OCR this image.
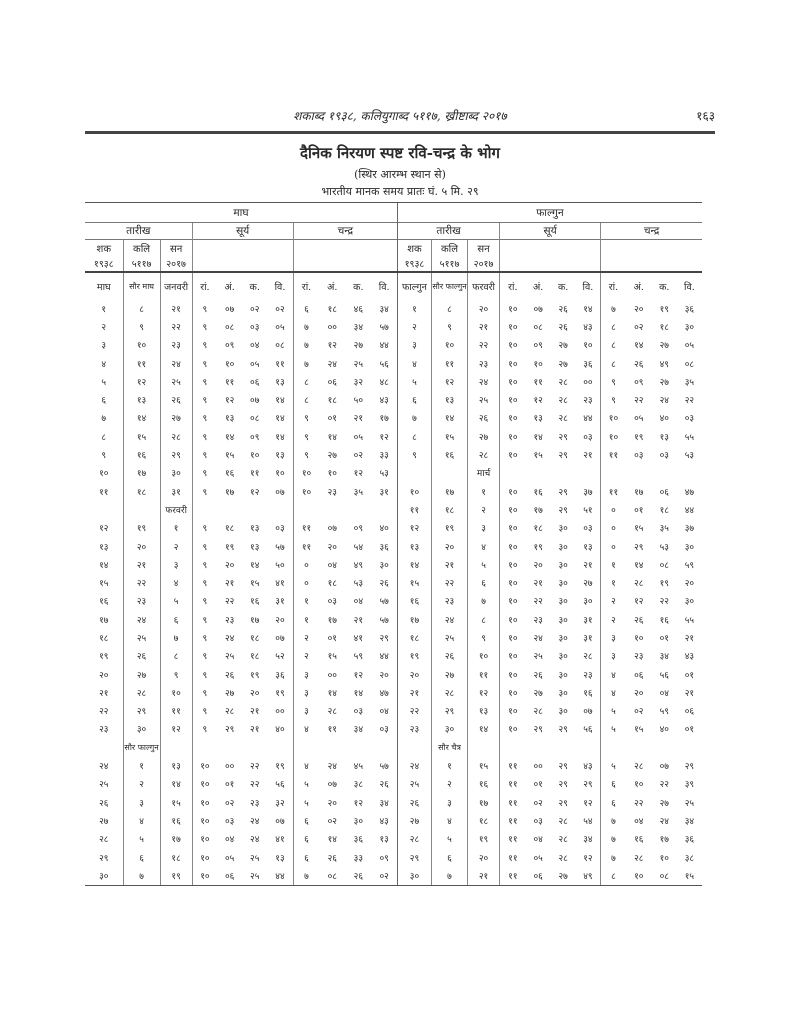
शकाब्द १९३८, कलियुगाब्द ५११७, ख्रीष्टाब्द २०१७	१६३
दैनिक निरयण स्पष्ट रवि-चन्द्र के भोग
(स्थिर आरम्भ स्थान से)
भारतीय मानक समय प्रातः घं. ५ मि. २९
माघ											फाल्गुन										
तारीख			सूर्य				चन्द्र				तारीख			सूर्य				चन्द्र			
शक	कलि	सन									शक	कलि	सन								
१९३८	५११७	२०१७									१९३८	५११७	२०१७								
माघ	सौर माघ	जनवरी	रां.	अं.	क.	वि.	रां.	अं.	क.	वि.	फाल्गुन	सौर फाल्गुन	फरवरी	रां.	अं.	क.	वि.	रां.	अं.	क.	वि.
१	८	२१	९	०७	०२	०२	६	१८	४६	३४	१	८	२०	१०	०७	२६	१४	७	२०	१९	३६
२	९	२२	९	०८	०३	०५	७	००	३४	५७	२	९	२१	१०	०८	२६	४३	८	०२	१८	३०
३	१०	२३	९	०९	०४	०८	७	१२	२७	४४	३	१०	२२	१०	०९	२७	१०	८	१४	२७	०५
४	११	२४	९	१०	०५	११	७	२४	२५	५६	४	११	२३	१०	१०	२७	३६	८	२६	४९	०८
५	१२	२५	९	११	०६	१३	८	०६	३२	४८	५	१२	२४	१०	११	२८	००	९	०९	२७	३५
६	१३	२६	९	१२	०७	१४	८	१८	५०	४३	६	१३	२५	१०	१२	२८	२३	९	२२	२४	२२
७	१४	२७	९	१३	०८	१४	९	०१	२१	१७	७	१४	२६	१०	१३	२८	४४	१०	०५	४०	०३
८	१५	२८	९	१४	०९	१४	९	१४	०५	१२	८	१५	२७	१०	१४	२९	०३	१०	१९	१३	५५
९	१६	२९	९	१५	१०	१३	९	२७	०२	३३	९	१६	२८	१०	१५	२९	२१	११	०३	०३	५३
१०	१७	३०	९	१६	११	१०	१०	१०	१२	५३			मार्च								
११	१८	३१	९	१७	१२	०७	१०	२३	३५	३१	१०	१७	१	१०	१६	२९	३७	११	१७	०६	४७
		फरवरी									११	१८	२	१०	१७	२९	५१	०	०१	१८	४४
१२	१९	१	९	१८	१३	०३	११	०७	०९	४०	१२	१९	३	१०	१८	३०	०३	०	१५	३५	३७
१३	२०	२	९	१९	१३	५७	११	२०	५४	३६	१३	२०	४	१०	१९	३०	१३	०	२९	५३	३०
१४	२१	३	९	२०	१४	५०	०	०४	४९	३०	१४	२१	५	१०	२०	३०	२१	१	१४	०८	५९
१५	२२	४	९	२१	१५	४१	०	१८	५३	२६	१५	२२	६	१०	२१	३०	२७	१	२८	१९	२०
१६	२३	५	९	२२	१६	३१	१	०३	०४	५७	१६	२३	७	१०	२२	३०	३०	२	१२	२२	३०
१७	२४	६	९	२३	१७	२०	१	१७	२१	५७	१७	२४	८	१०	२३	३०	३१	२	२६	१६	५५
१८	२५	७	९	२४	१८	०७	२	०१	४१	२९	१८	२५	९	१०	२४	३०	३१	३	१०	०१	२१
१९	२६	८	९	२५	१८	५२	२	१५	५९	४४	१९	२६	१०	१०	२५	३०	२८	३	२३	३४	४३
२०	२७	९	९	२६	१९	३६	३	००	१२	२०	२०	२७	११	१०	२६	३०	२३	४	०६	५६	०१
२१	२८	१०	९	२७	२०	१९	३	१४	१४	४७	२१	२८	१२	१०	२७	३०	१६	४	२०	०४	२१
२२	२९	११	९	२८	२१	००	३	२८	०३	०४	२२	२९	१३	१०	२८	३०	०७	५	०२	५९	०६
२३	३०	१२	९	२९	२१	४०	४	११	३४	०३	२३	३०	१४	१०	२९	२९	५६	५	१५	४०	०१
	सौर फाल्गुन											सौर चैत्र									
२४	१	१३	१०	००	२२	१९	४	२४	४५	५७	२४	१	१५	११	००	२९	४३	५	२८	०७	२९
२५	२	१४	१०	०१	२२	५६	५	०७	३८	२६	२५	२	१६	११	०१	२९	२९	६	१०	२२	३९
२६	३	१५	१०	०२	२३	३२	५	२०	१२	३४	२६	३	१७	११	०२	२९	१२	६	२२	२७	२५
२७	४	१६	१०	०३	२४	०७	६	०२	३०	४३	२७	४	१८	११	०३	२८	५४	७	०४	२४	३४
२८	५	१७	१०	०४	२४	४१	६	१४	३६	१३	२८	५	१९	११	०४	२८	३४	७	१६	१७	३६
२९	६	१८	१०	०५	२५	१३	६	२६	३३	०९	२९	६	२०	११	०५	२८	१२	७	२८	१०	३८
३०	७	१९	१०	०६	२५	४४	७	०८	२६	०२	३०	७	२१	११	०६	२७	४९	८	१०	०८	१५
